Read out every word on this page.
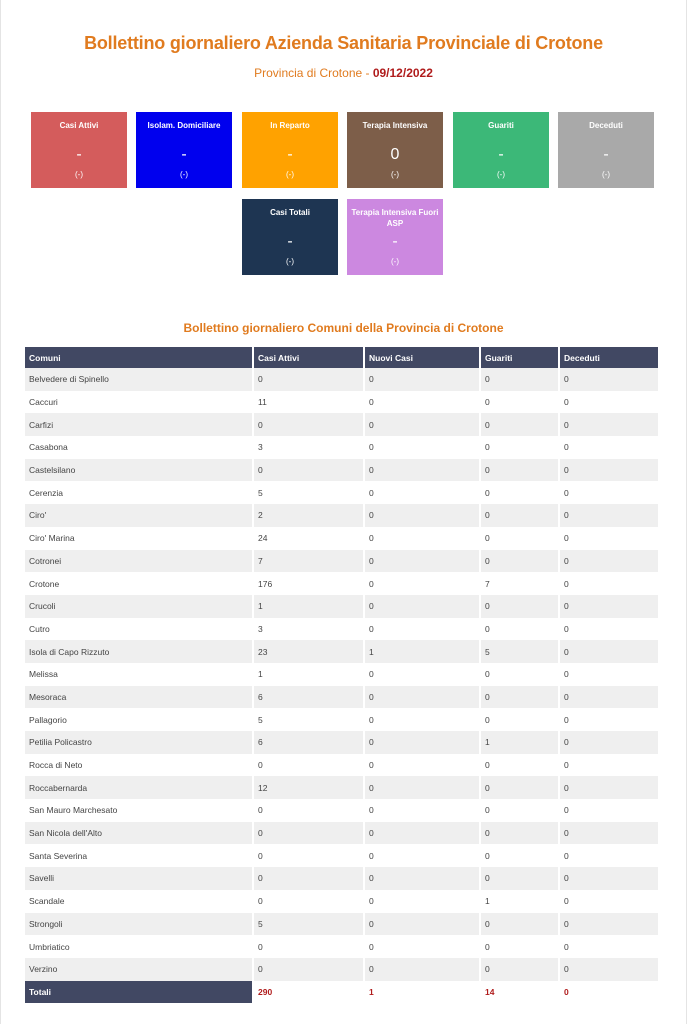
Bollettino giornaliero Azienda Sanitaria Provinciale di Crotone
Provincia di Crotone - 09/12/2022
Casi Attivi
-
(-)
Isolam. Domiciliare
-
(-)
In Reparto
-
(-)
Terapia Intensiva
0
(-)
Guariti
-
(-)
Deceduti
-
(-)
Casi Totali
-
(-)
Terapia Intensiva Fuori ASP
-
(-)
Bollettino giornaliero Comuni della Provincia di Crotone
Comuni	Casi Attivi	Nuovi Casi	Guariti	Deceduti
Belvedere di Spinello	0	0	0	0
Caccuri	11	0	0	0
Carfizi	0	0	0	0
Casabona	3	0	0	0
Castelsilano	0	0	0	0
Cerenzia	5	0	0	0
Ciro'	2	0	0	0
Ciro' Marina	24	0	0	0
Cotronei	7	0	0	0
Crotone	176	0	7	0
Crucoli	1	0	0	0
Cutro	3	0	0	0
Isola di Capo Rizzuto	23	1	5	0
Melissa	1	0	0	0
Mesoraca	6	0	0	0
Pallagorio	5	0	0	0
Petilia Policastro	6	0	1	0
Rocca di Neto	0	0	0	0
Roccabernarda	12	0	0	0
San Mauro Marchesato	0	0	0	0
San Nicola dell'Alto	0	0	0	0
Santa Severina	0	0	0	0
Savelli	0	0	0	0
Scandale	0	0	1	0
Strongoli	5	0	0	0
Umbriatico	0	0	0	0
Verzino	0	0	0	0
Totali	290	1	14	0
